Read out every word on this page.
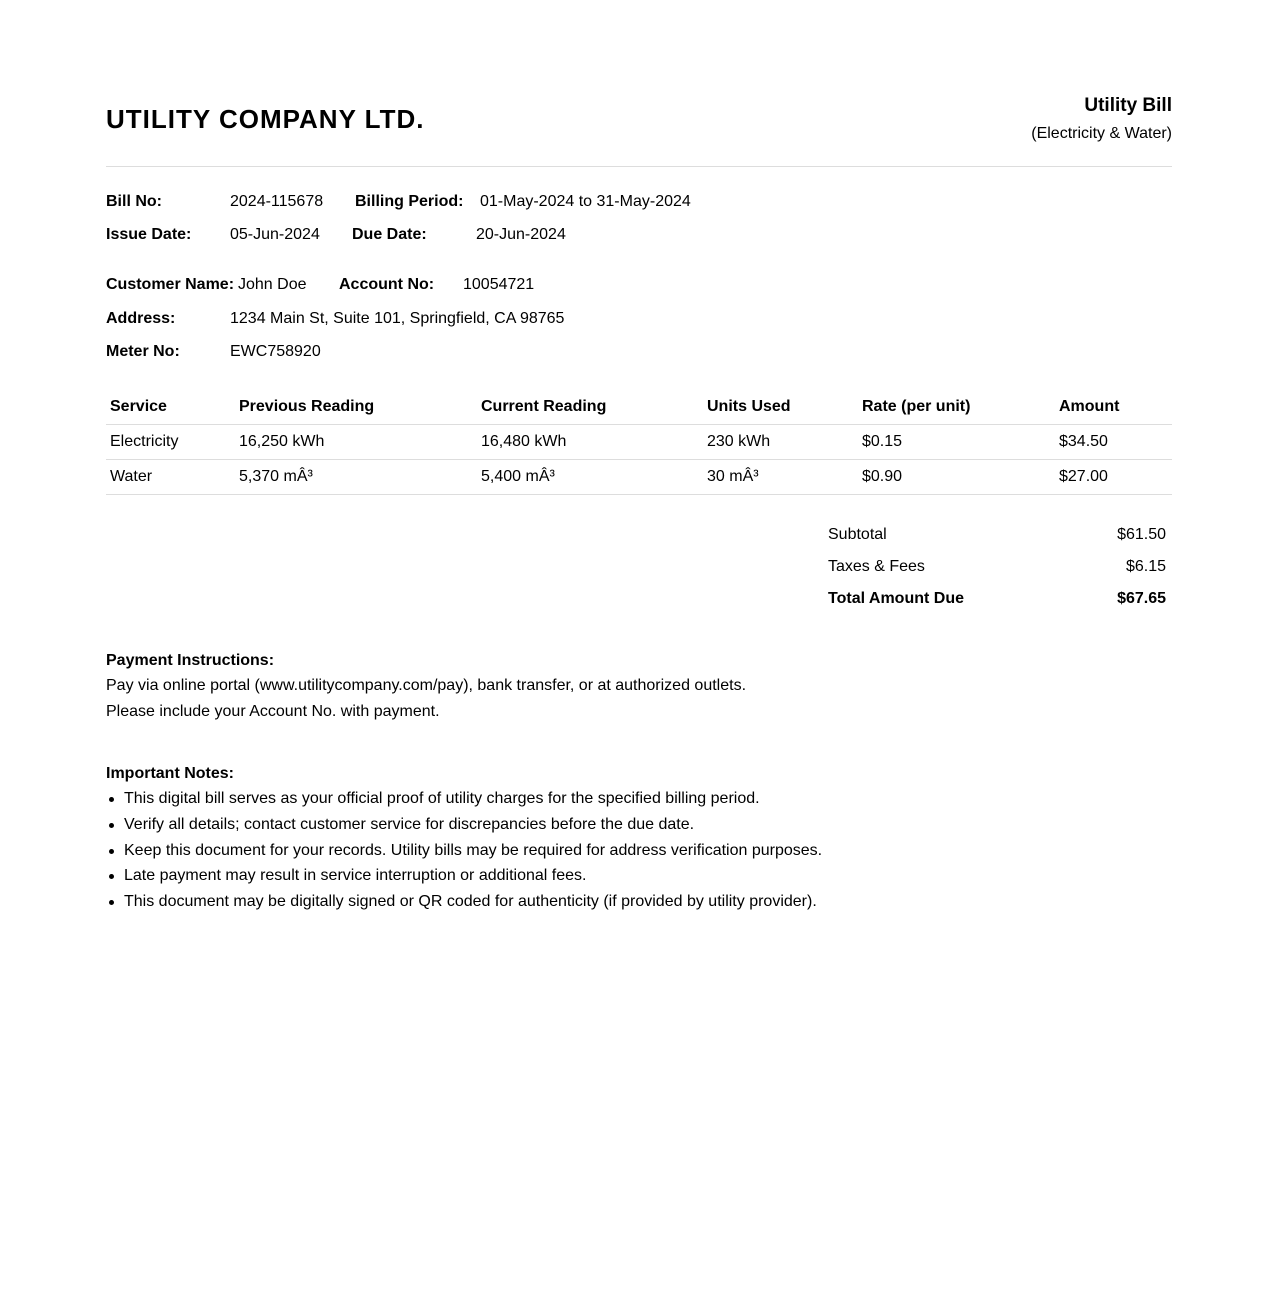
UTILITY COMPANY LTD.	Utility Bill
(Electricity & Water)
Bill No:	2024-115678 Billing Period: 01-May-2024 to 31-May-2024
Issue Date: 05-Jun-2024 Due Date:	20-Jun-2024
Customer Name: John Doe Account No: 10054721
Address:	1234 Main St, Suite 101, Springfield, CA 98765
Meter No:	EWC758920
Service	Previous Reading	Current Reading	Units Used	Rate (per unit)	Amount
Electricity	16,250 kWh	16,480 kWh	230 kWh	$0.15	$34.50
Water	5,370 mÂ³	5,400 mÂ³	30 mÂ³	$0.90	$27.00
Subtotal	$61.50
Taxes & Fees	$6.15
Total Amount Due	$67.65
Payment Instructions:
Pay via online portal (www.utilitycompany.com/pay), bank transfer, or at authorized outlets.
Please include your Account No. with payment.
Important Notes:
This digital bill serves as your official proof of utility charges for the specified billing period.
Verify all details; contact customer service for discrepancies before the due date.
Keep this document for your records. Utility bills may be required for address verification purposes.
Late payment may result in service interruption or additional fees.
This document may be digitally signed or QR coded for authenticity (if provided by utility provider).
